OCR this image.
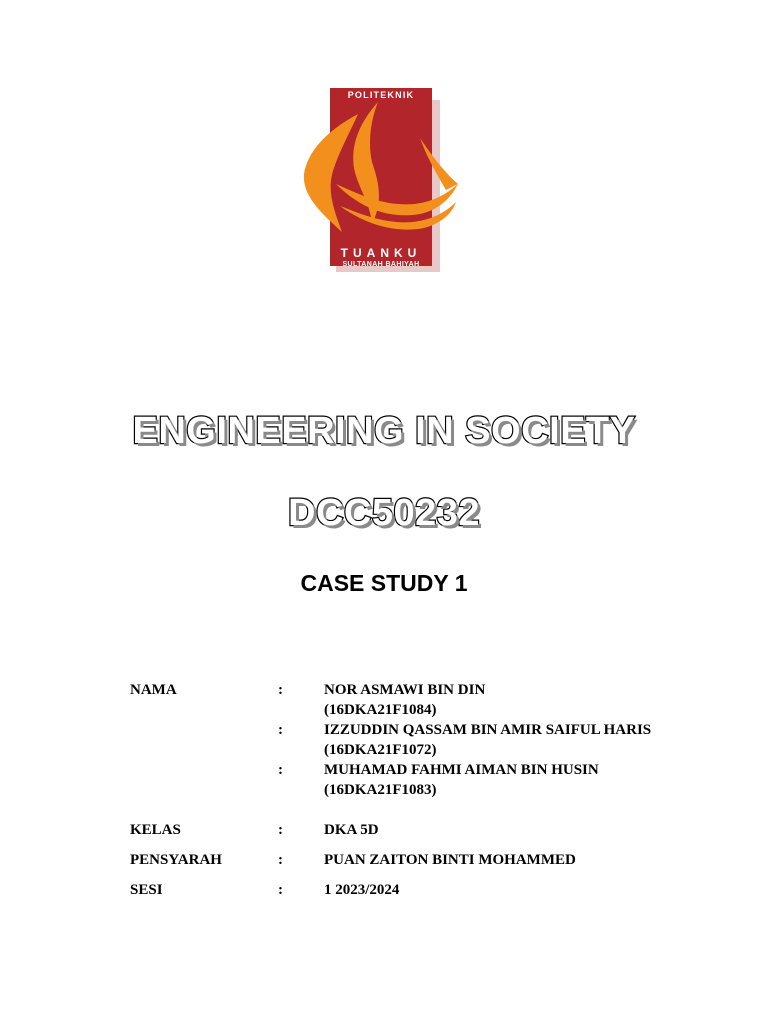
POLITEKNIK
TUANKU
SULTANAH BAHIYAH
ENGINEERING IN SOCIETY
DCC50232
CASE STUDY 1
NAMA	:	NOR ASMAWI BIN DIN
(16DKA21F1084)
:	IZZUDDIN QASSAM BIN AMIR SAIFUL HARIS
(16DKA21F1072)
:	MUHAMAD FAHMI AIMAN BIN HUSIN
(16DKA21F1083)
KELAS	:	DKA 5D
PENSYARAH	:	PUAN ZAITON BINTI MOHAMMED
SESI	:	1 2023/2024
